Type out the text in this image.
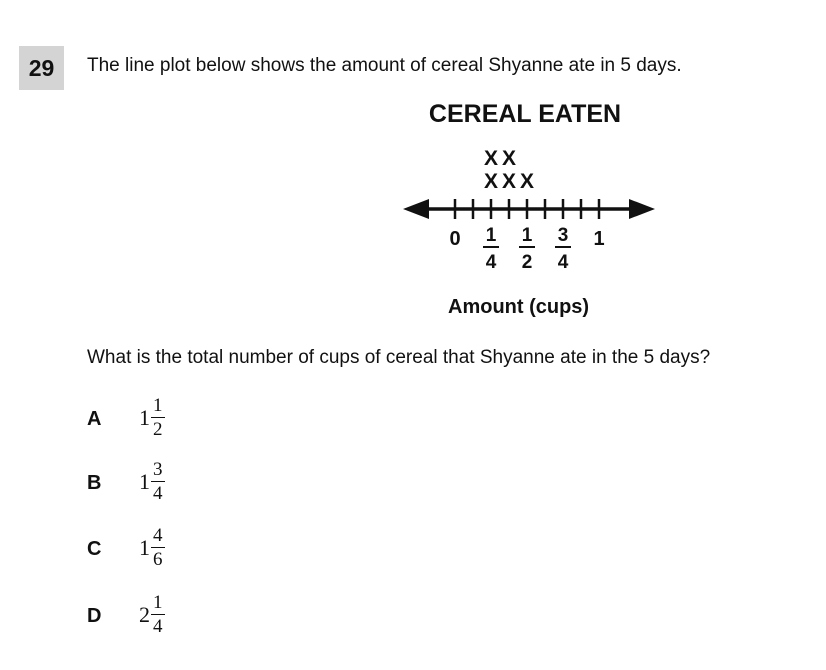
29	The line plot below shows the amount of cereal Shyanne ate in 5 days.
CEREAL EATEN
X
X
X
X
X
0 1
4
1
2
3
4
1
Amount (cups)
What is the total number of cups of cereal that Shyanne ate in the 5 days?
A $1 \frac{1}{2}$
B $1 \frac{3}{4}$
C $1 \frac{4}{6}$
D $2 \frac{1}{4}$
